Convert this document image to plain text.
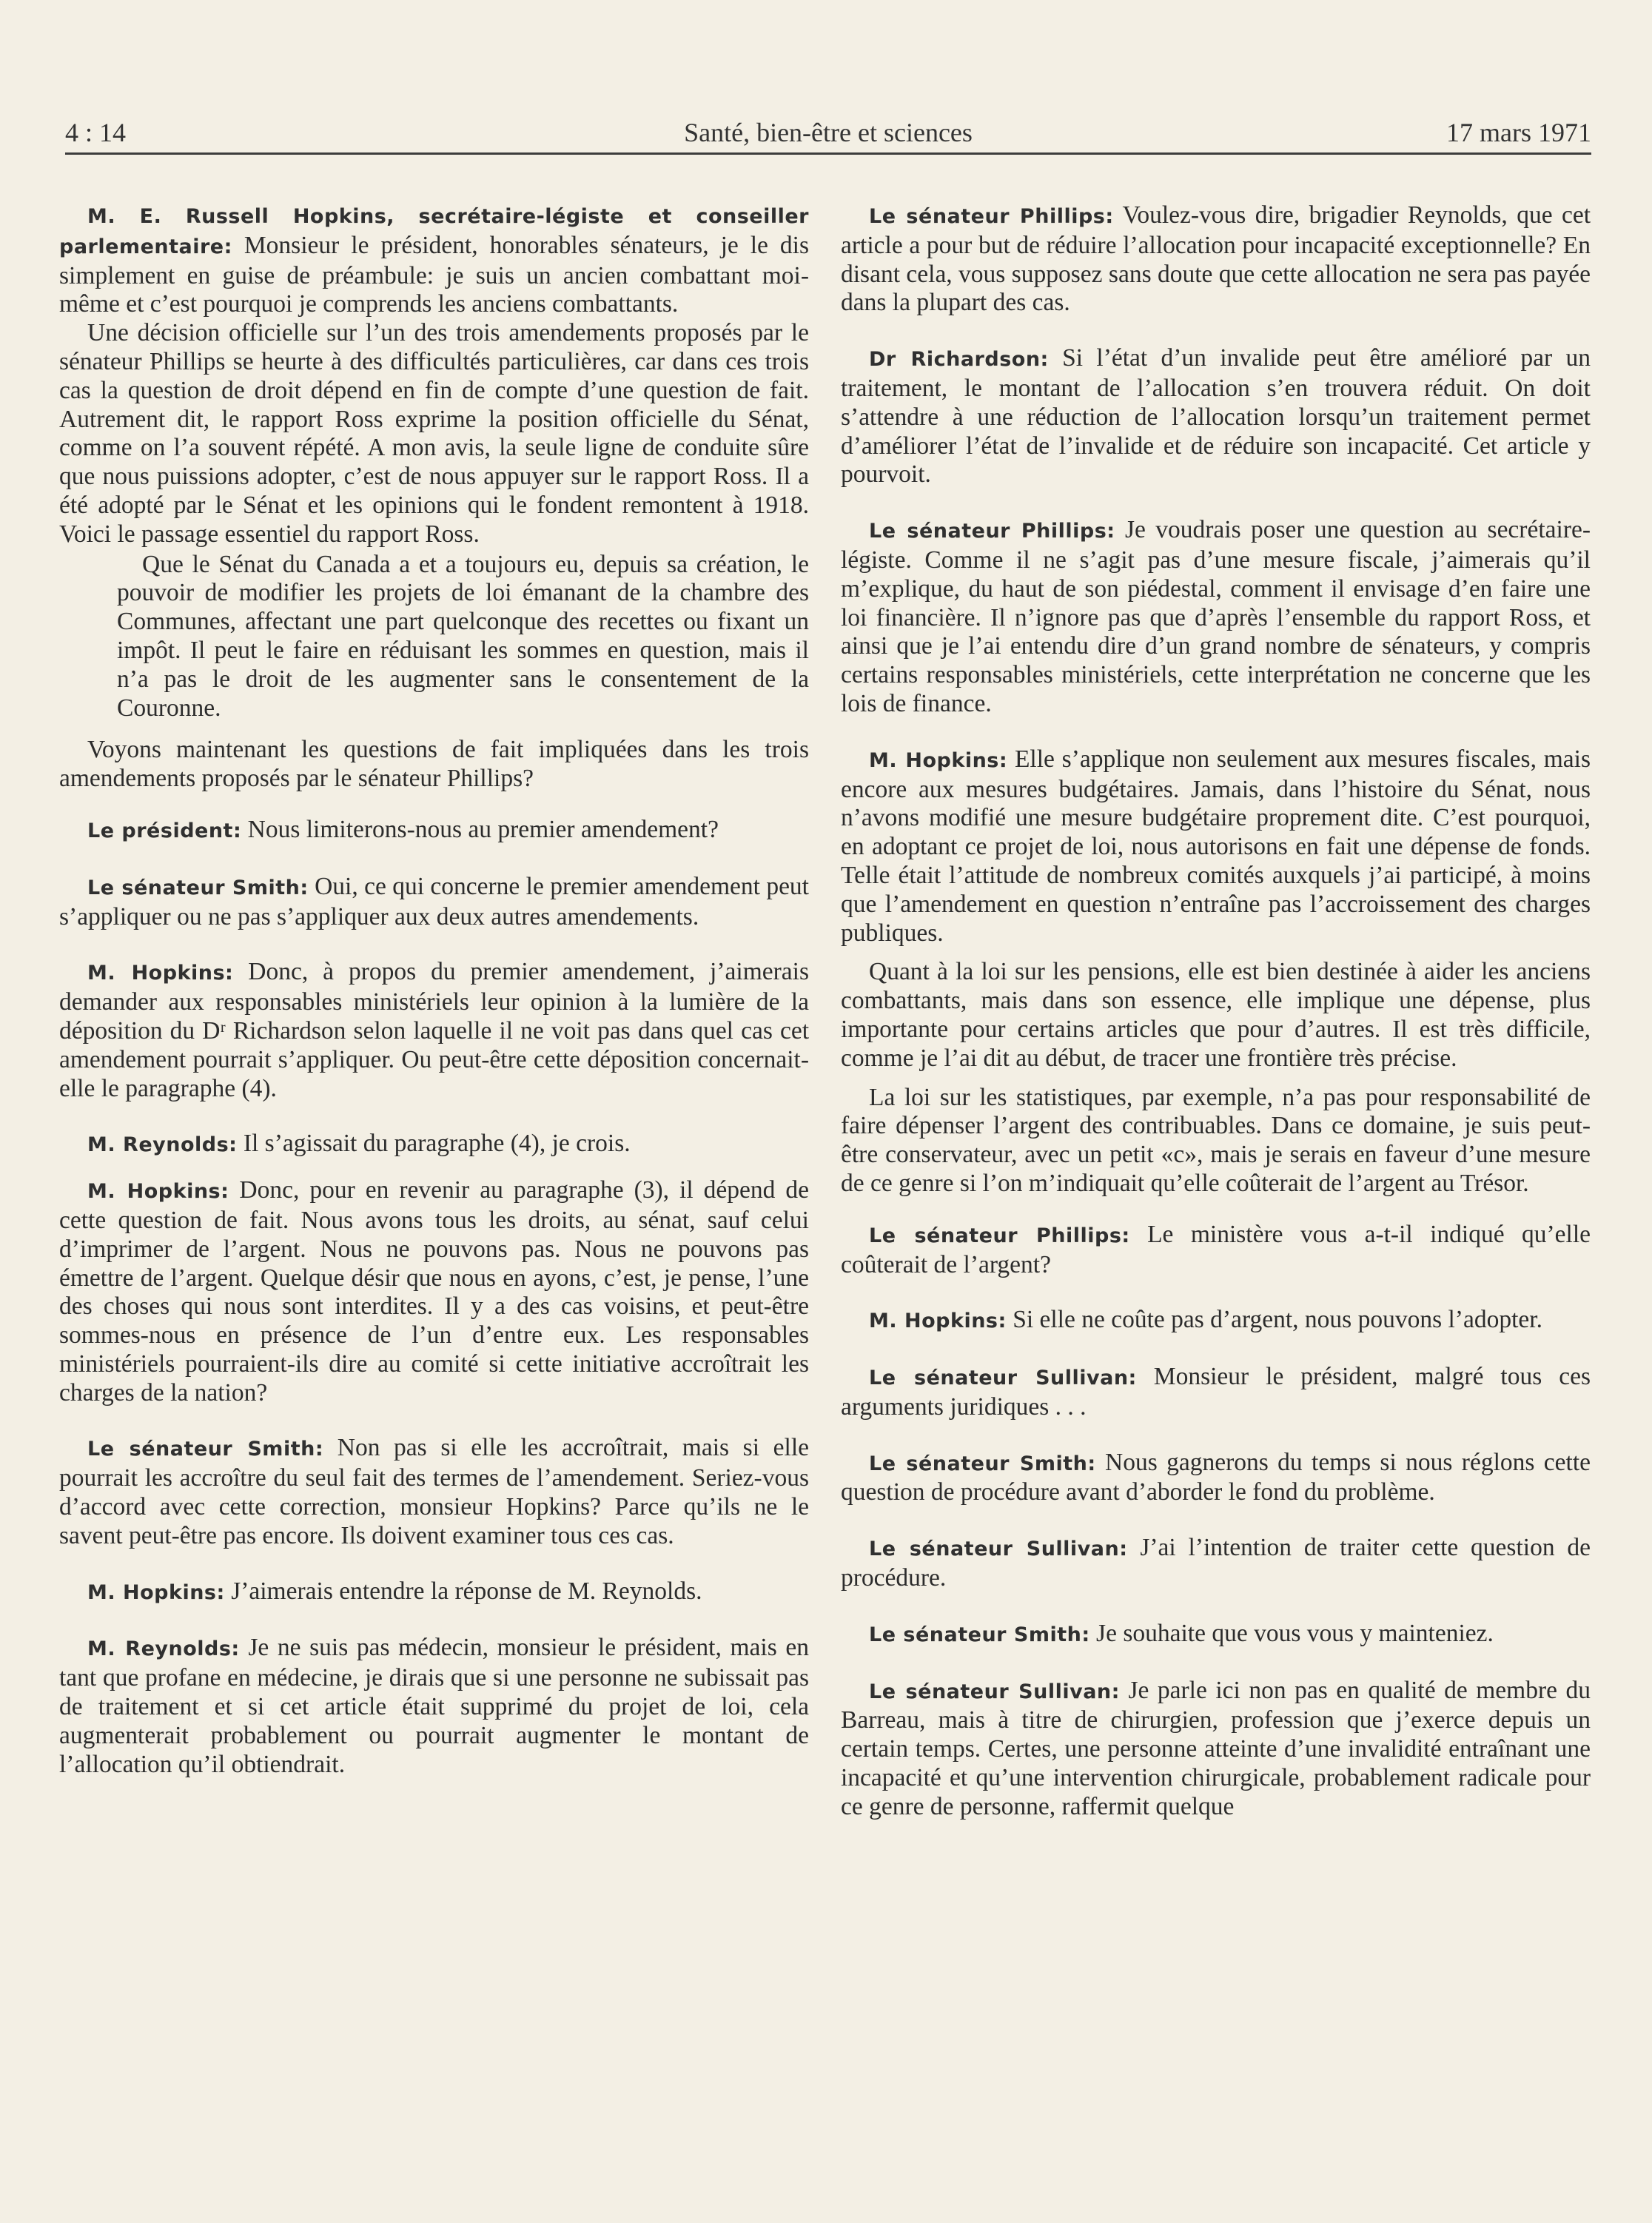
4 : 14	Santé, bien-être et sciences	17 mars 1971

M. E. Russell Hopkins, secrétaire-légiste et conseiller parlementaire: Monsieur le président, honorables sénateurs, je le dis simplement en guise de préambule: je suis un ancien combattant moi-même et c’est pourquoi je comprends les anciens combattants.

Une décision officielle sur l’un des trois amendements proposés par le sénateur Phillips se heurte à des difficultés particulières, car dans ces trois cas la question de droit dépend en fin de compte d’une question de fait. Autrement dit, le rapport Ross exprime la position officielle du Sénat, comme on l’a souvent répété. A mon avis, la seule ligne de conduite sûre que nous puissions adopter, c’est de nous appuyer sur le rapport Ross. Il a été adopté par le Sénat et les opinions qui le fondent remontent à 1918. Voici le passage essentiel du rapport Ross.

Que le Sénat du Canada a et a toujours eu, depuis sa création, le pouvoir de modifier les projets de loi émanant de la chambre des Communes, affectant une part quelconque des recettes ou fixant un impôt. Il peut le faire en réduisant les sommes en question, mais il n’a pas le droit de les augmenter sans le consentement de la Couronne.

Voyons maintenant les questions de fait impliquées dans les trois amendements proposés par le sénateur Phillips?

Le président: Nous limiterons-nous au premier amendement?

Le sénateur Smith: Oui, ce qui concerne le premier amendement peut s’appliquer ou ne pas s’appliquer aux deux autres amendements.

M. Hopkins: Donc, à propos du premier amendement, j’aimerais demander aux responsables ministériels leur opinion à la lumière de la déposition du Dʳ Richardson selon laquelle il ne voit pas dans quel cas cet amendement pourrait s’appliquer. Ou peut-être cette déposition concernait-elle le paragraphe (4).

M. Reynolds: Il s’agissait du paragraphe (4), je crois.

M. Hopkins: Donc, pour en revenir au paragraphe (3), il dépend de cette question de fait. Nous avons tous les droits, au sénat, sauf celui d’imprimer de l’argent. Nous ne pouvons pas. Nous ne pouvons pas émettre de l’argent. Quelque désir que nous en ayons, c’est, je pense, l’une des choses qui nous sont interdites. Il y a des cas voisins, et peut-être sommes-nous en présence de l’un d’entre eux. Les responsables ministériels pourraient-ils dire au comité si cette initiative accroîtrait les charges de la nation?

Le sénateur Smith: Non pas si elle les accroîtrait, mais si elle pourrait les accroître du seul fait des termes de l’amendement. Seriez-vous d’accord avec cette correction, monsieur Hopkins? Parce qu’ils ne le savent peut-être pas encore. Ils doivent examiner tous ces cas.

M. Hopkins: J’aimerais entendre la réponse de M. Reynolds.

M. Reynolds: Je ne suis pas médecin, monsieur le président, mais en tant que profane en médecine, je dirais que si une personne ne subissait pas de traitement et si cet article était supprimé du projet de loi, cela augmenterait probablement ou pourrait augmenter le montant de l’allocation qu’il obtiendrait.

Le sénateur Phillips: Voulez-vous dire, brigadier Reynolds, que cet article a pour but de réduire l’allocation pour incapacité exceptionnelle? En disant cela, vous supposez sans doute que cette allocation ne sera pas payée dans la plupart des cas.

Dr Richardson: Si l’état d’un invalide peut être amélioré par un traitement, le montant de l’allocation s’en trouvera réduit. On doit s’attendre à une réduction de l’allocation lorsqu’un traitement permet d’améliorer l’état de l’invalide et de réduire son incapacité. Cet article y pourvoit.

Le sénateur Phillips: Je voudrais poser une question au secrétaire-légiste. Comme il ne s’agit pas d’une mesure fiscale, j’aimerais qu’il m’explique, du haut de son piédestal, comment il envisage d’en faire une loi financière. Il n’ignore pas que d’après l’ensemble du rapport Ross, et ainsi que je l’ai entendu dire d’un grand nombre de sénateurs, y compris certains responsables ministériels, cette interprétation ne concerne que les lois de finance.

M. Hopkins: Elle s’applique non seulement aux mesures fiscales, mais encore aux mesures budgétaires. Jamais, dans l’histoire du Sénat, nous n’avons modifié une mesure budgétaire proprement dite. C’est pourquoi, en adoptant ce projet de loi, nous autorisons en fait une dépense de fonds. Telle était l’attitude de nombreux comités auxquels j’ai participé, à moins que l’amendement en question n’entraîne pas l’accroissement des charges publiques.

Quant à la loi sur les pensions, elle est bien destinée à aider les anciens combattants, mais dans son essence, elle implique une dépense, plus importante pour certains articles que pour d’autres. Il est très difficile, comme je l’ai dit au début, de tracer une frontière très précise.

La loi sur les statistiques, par exemple, n’a pas pour responsabilité de faire dépenser l’argent des contribuables. Dans ce domaine, je suis peut-être conservateur, avec un petit «c», mais je serais en faveur d’une mesure de ce genre si l’on m’indiquait qu’elle coûterait de l’argent au Trésor.

Le sénateur Phillips: Le ministère vous a-t-il indiqué qu’elle coûterait de l’argent?

M. Hopkins: Si elle ne coûte pas d’argent, nous pouvons l’adopter.

Le sénateur Sullivan: Monsieur le président, malgré tous ces arguments juridiques . . .

Le sénateur Smith: Nous gagnerons du temps si nous réglons cette question de procédure avant d’aborder le fond du problème.

Le sénateur Sullivan: J’ai l’intention de traiter cette question de procédure.

Le sénateur Smith: Je souhaite que vous vous y mainteniez.

Le sénateur Sullivan: Je parle ici non pas en qualité de membre du Barreau, mais à titre de chirurgien, profession que j’exerce depuis un certain temps. Certes, une personne atteinte d’une invalidité entraînant une incapacité et qu’une intervention chirurgicale, probablement radicale pour ce genre de personne, raffermit quelque
